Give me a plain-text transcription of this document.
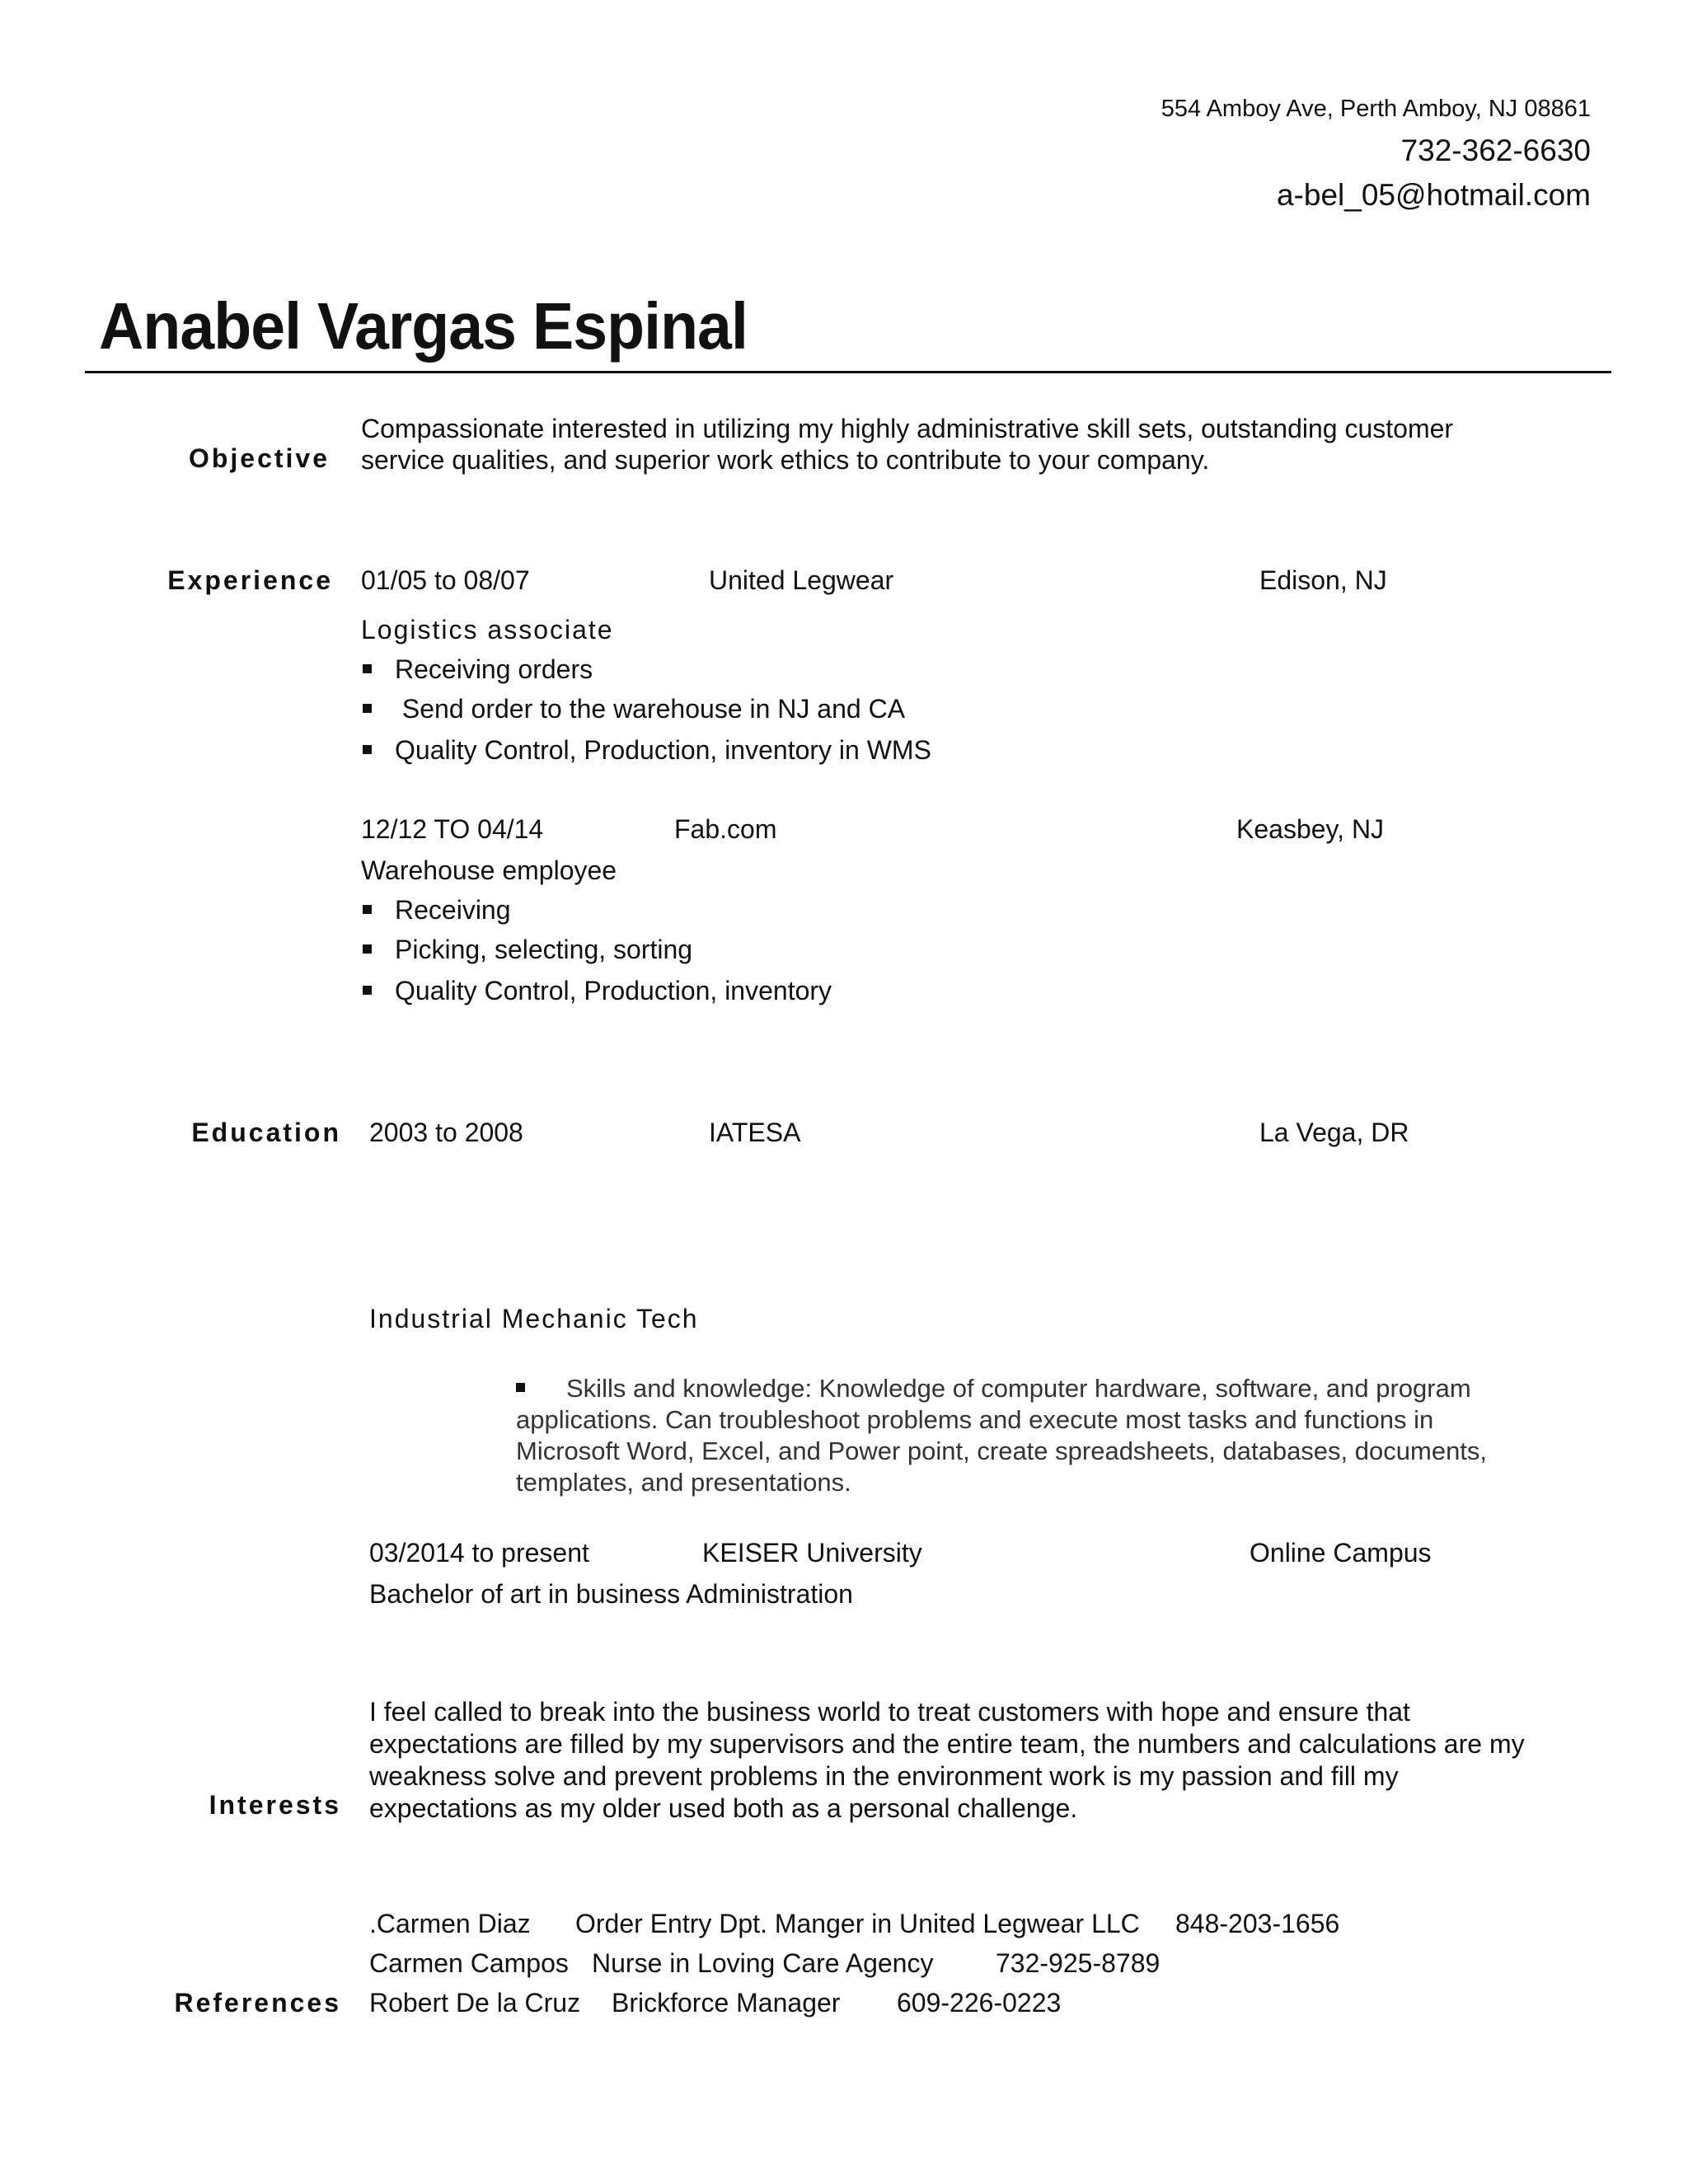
554 Amboy Ave, Perth Amboy, NJ 08861
732-362-6630
a-bel_05@hotmail.com
Anabel Vargas Espinal
Objective
Compassionate interested in utilizing my highly administrative skill sets, outstanding customer
service qualities, and superior work ethics to contribute to your company.
Experience 01/05 to 08/07	United Legwear	Edison, NJ
Logistics associate
Receiving orders
Send order to the warehouse in NJ and CA
Quality Control, Production, inventory in WMS
12/12 TO 04/14	Fab.com	Keasbey, NJ
Warehouse employee
Receiving
Picking, selecting, sorting
Quality Control, Production, inventory
Education 2003 to 2008	IATESA	La Vega, DR
Industrial Mechanic Tech
Skills and knowledge: Knowledge of computer hardware, software, and program
applications. Can troubleshoot problems and execute most tasks and functions in
Microsoft Word, Excel, and Power point, create spreadsheets, databases, documents,
templates, and presentations.
03/2014 to present	KEISER University	Online Campus
Bachelor of art in business Administration
Interests
I feel called to break into the business world to treat customers with hope and ensure that
expectations are filled by my supervisors and the entire team, the numbers and calculations are my
weakness solve and prevent problems in the environment work is my passion and fill my
expectations as my older used both as a personal challenge.
References
.Carmen Diaz Order Entry Dpt. Manger in United Legwear LLC 848-203-1656
Carmen Campos Nurse in Loving Care Agency 732-925-8789
Robert De la Cruz Brickforce Manager 609-226-0223
